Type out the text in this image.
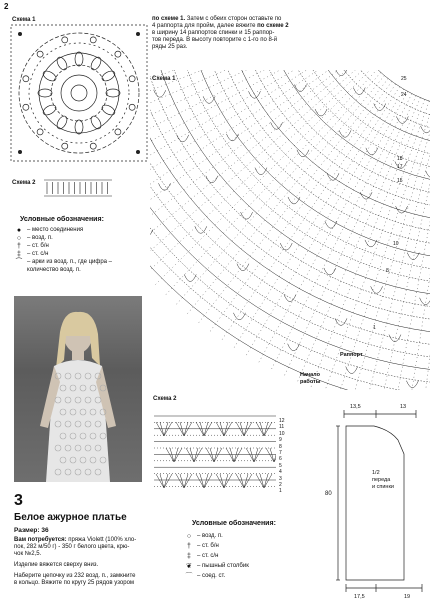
2
Схема 1
Схема 2
Условные обозначения:
● – место соединения
○ – возд. п.
†	– ст. б/н
‡	– ст. с/н
⁀ – арки из возд. п., где цифра –
количество возд. п.
3
Белое ажурное платье
Размер: 36
Вам потребуется: пряжа Violett (100% хло-
пок, 282 м/50 г) - 350 г белого цвета, крю-
чок №2,5.
Изделие вяжется сверху вниз.
Наберите цепочку из 232 возд. п., замкните
в кольцо. Вяжите по кругу 25 рядов узором
по схеме 1. Затем с обеих сторон оставьте по
4 раппорта для пройм, далее вяжите по схеме 2
в ширину 14 раппортов спинки и 15 раппор-
тов переда. В высоту повторите с 1-го по 8-й
ряды 25 раз.
Схема 1	25
24
18
17
15
10
8
1
Раппорт
Начало
работы
Схема 2
12
11
10
9
8
7
6
5
4
3
2
1
Условные обозначения:
○ – возд. п.
†	– ст. б/н
‡	– ст. с/н
❦ – пышный столбик
⌒ – соед. ст.
13,5	13
1/2
переда
и спинки
80
17,5	19
